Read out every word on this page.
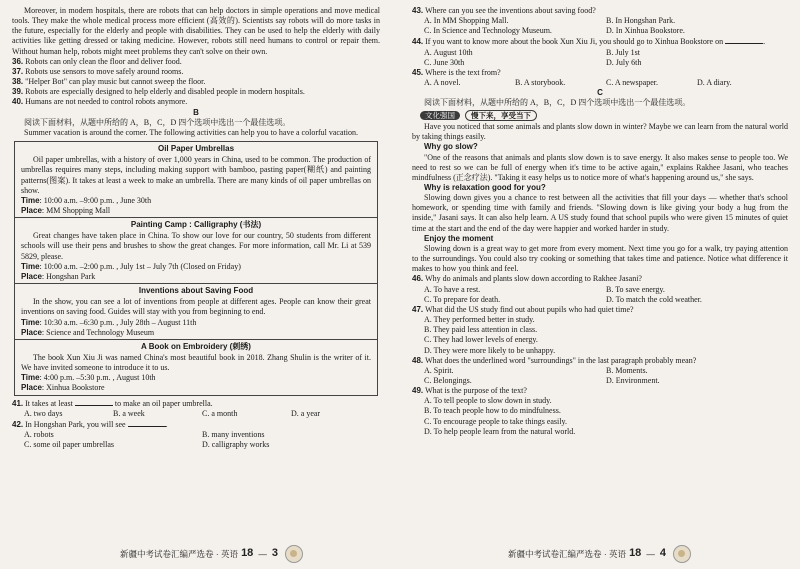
Moreover, in modern hospitals, there are robots that can help doctors in simple operations and move medical tools. They make the whole medical process more efficient (高效的). Scientists say robots will do more tasks in the future, especially for the elderly and people with disabilities. They can be used to help the elderly with daily activities like getting dressed or taking medicine. However, robots still need humans to control or repair them. Without human help, robots might meet problems they can't solve on their own.

36. Robots can only clean the floor and deliver food.

37. Robots use sensors to move safely around rooms.

38. "Helper Bot" can play music but cannot sweep the floor.

39. Robots are especially designed to help elderly and disabled people in modern hospitals.

40. Humans are not needed to control robots anymore.

B

阅读下面材料，从题中所给的 A，B，C，D 四个选项中选出一个最佳选项。

Summer vacation is around the corner. The following activities can help you to have a colorful vacation.

Oil Paper Umbrellas

Oil paper umbrellas, with a history of over 1,000 years in China, used to be common. The production of umbrellas requires many steps, including making support with bamboo, pasting paper(糊纸) and painting patterns(图案). It takes at least a week to make an umbrella. There are many kinds of oil paper umbrellas on show.

Time: 10:00 a.m. –9:00 p.m. , June 30th

Place: MM Shopping Mall

Painting Camp : Calligraphy (书法)

Great changes have taken place in China. To show our love for our country, 50 students from different schools will use their pens and brushes to show the great changes. For more information, call Mr. Li at 539 5829, please.

Time: 10:00 a.m. –2:00 p.m. , July 1st – July 7th (Closed on Friday)

Place: Hongshan Park

Inventions about Saving Food

In the show, you can see a lot of inventions from people at different ages. People can know their great inventions on saving food. Guides will stay with you from beginning to end.

Time: 10:30 a.m. –6:30 p.m. , July 28th – August 11th

Place: Science and Technology Museum

A Book on Embroidery (刺绣)

The book Xun Xiu Ji was named China's most beautiful book in 2018. Zhang Shulin is the writer of it. We have invited someone to introduce it to us.

Time: 4:00 p.m. –5:30 p.m. , August 10th

Place: Xinhua Bookstore

41. It takes at least	to make an oil paper umbrella.

A. two days	B. a week	C. a month	D. a year

42. In Hongshan Park, you will see	.

A. robots	B. many inventions
C. some oil paper umbrellas	D. calligraphy works
新疆中考试卷汇编严选卷 · 英语 18 — 3

43. Where can you see the inventions about saving food?

A. In MM Shopping Mall.	B. In Hongshan Park.
C. In Science and Technology Museum.	D. In Xinhua Bookstore.

44. If you want to know more about the book Xun Xiu Ji, you should go to Xinhua Bookstore on	.

A. August 10th	B. July 1st
C. June 30th	D. July 6th

45. Where is the text from?

A. A novel.	B. A storybook.	C. A newspaper.	D. A diary.

C

阅读下面材料，从题中所给的 A，B，C，D 四个选项中选出一个最佳选项。

文化强国 慢下来，享受当下

Have you noticed that some animals and plants slow down in winter? Maybe we can learn from the natural world by taking things easily.

Why go slow?

"One of the reasons that animals and plants slow down is to save energy. It also makes sense to people too. We need to rest so we can be full of energy when it's time to be active again," explains Rakhee Jasani, who teaches mindfulness (正念疗法). "Taking it easy helps us to notice more of what's happening around us," she says.

Why is relaxation good for you?

Slowing down gives you a chance to rest between all the activities that fill your days — whether that's school homework, or spending time with family and friends. "Slowing down is like giving your body a hug from the inside," Jasani says. It can also help learn. A US study found that school pupils who were given 15 minutes of quiet time at the start and the end of the day were happier and worked harder in study.

Enjoy the moment

Slowing down is a great way to get more from every moment. Next time you go for a walk, try paying attention to the surroundings. You could also try cooking or something that takes time and patience. Notice what difference it makes to how you think and feel.

46. Why do animals and plants slow down according to Rakhee Jasani?

A. To have a rest.	B. To save energy.
C. To prepare for death.	D. To match the cold weather.

47. What did the US study find out about pupils who had quiet time?

A. They performed better in study.

B. They paid less attention in class.

C. They had lower levels of energy.

D. They were more likely to be unhappy.

48. What does the underlined word "surroundings" in the last paragraph probably mean?

A. Spirit.	B. Moments.
C. Belongings.	D. Environment.

49. What is the purpose of the text?

A. To tell people to slow down in study.

B. To teach people how to do mindfulness.

C. To encourage people to take things easily.

D. To help people learn from the natural world.

新疆中考试卷汇编严选卷 · 英语 18 — 4
